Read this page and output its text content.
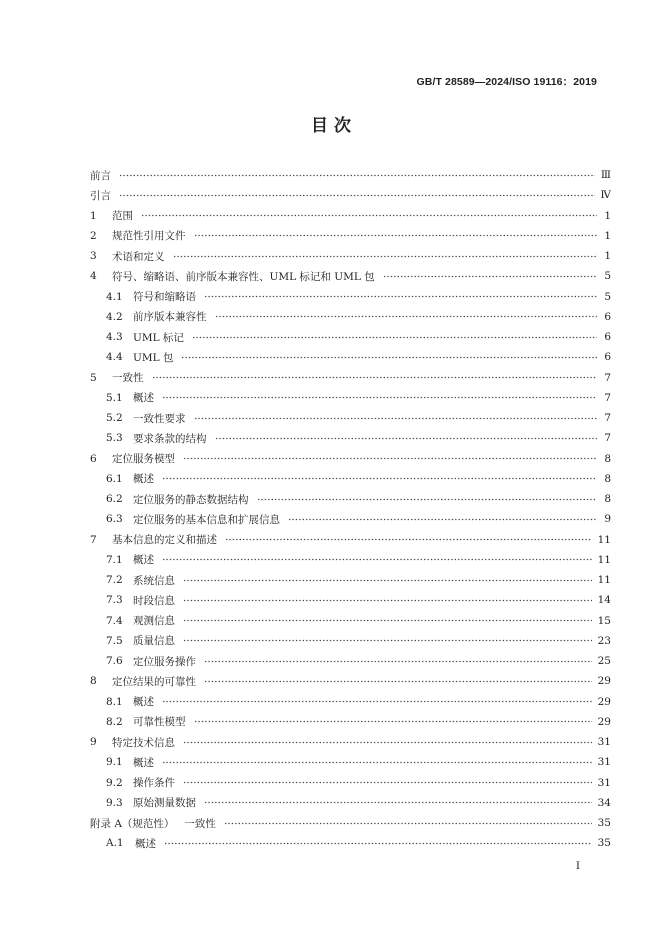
GB/T 28589—2024/ISO 19116：2019
目 次
前言	Ⅲ
引言	Ⅳ
1	范围	1
2	规范性引用文件	1
3	术语和定义	1
4	符号、缩略语、前序版本兼容性、UML 标记和 UML 包	5
4.1 符号和缩略语	5
4.2 前序版本兼容性	6
4.3 UML 标记	6
4.4 UML 包	6
5	一致性	7
5.1 概述	7
5.2 一致性要求	7
5.3 要求条款的结构	7
6	定位服务模型	8
6.1 概述	8
6.2 定位服务的静态数据结构	8
6.3 定位服务的基本信息和扩展信息	9
7	基本信息的定义和描述	11
7.1 概述	11
7.2 系统信息	11
7.3 时段信息	14
7.4 观测信息	15
7.5 质量信息	23
7.6 定位服务操作	25
8	定位结果的可靠性	29
8.1 概述	29
8.2 可靠性模型	29
9	特定技术信息	31
9.1 概述	31
9.2 操作条件	31
9.3 原始测量数据	34
附录 A（规范性） 一致性	35
A.1	概述	35
Ⅰ
